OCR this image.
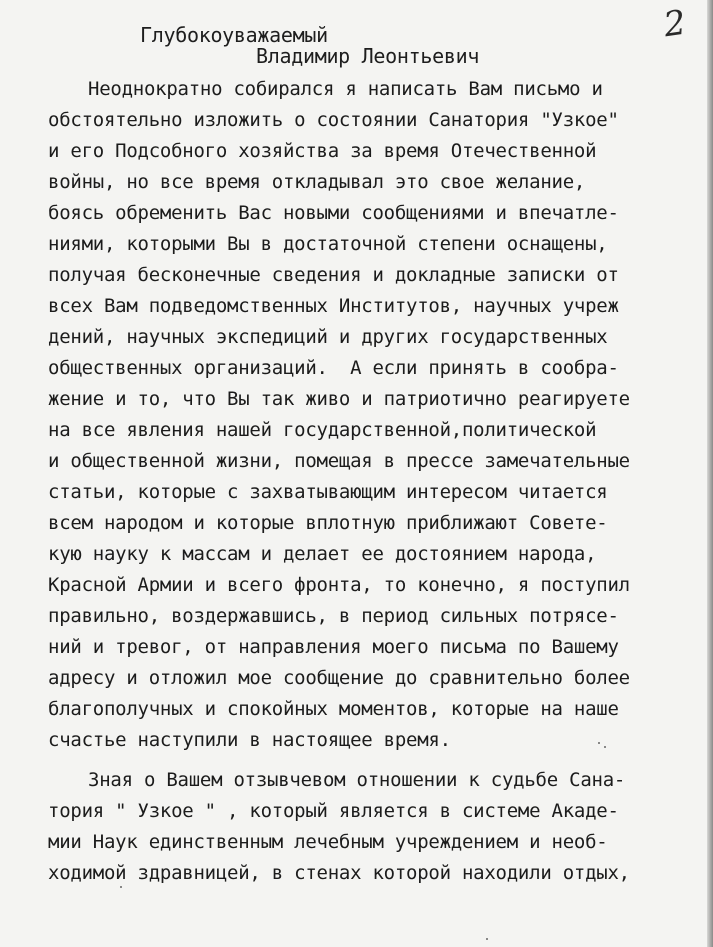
2
Глубокоуважаемый
Владимир Леонтьевич
Неоднократно собирался я написать Вам письмо и
обстоятельно изложить о состоянии Санатория "Узкое"
и его Подсобного хозяйства за время Отечественной
войны, но все время откладывал это свое желание,
боясь обременить Вас новыми сообщениями и впечатле-
ниями, которыми Вы в достаточной степени оснащены,
получая бесконечные сведения и докладные записки от
всех Вам подведомственных Институтов, научных учреж
дений, научных экспедиций и других государственных
общественных организаций.  А если принять в сообра-
жение и то, что Вы так живо и патриотично реагируете
на все явления нашей государственной,политической
и общественной жизни, помещая в прессе замечательные
статьи, которые с захватывающим интересом читается
всем народом и которые вплотную приближают Совете-
кую науку к массам и делает ее достоянием народа,
Красной Армии и всего фронта, то конечно, я поступил
правильно, воздержавшись, в период сильных потрясе-
ний и тревог, от направления моего письма по Вашему
адресу и отложил мое сообщение до сравнительно более
благополучных и спокойных моментов, которые на наше
счастье наступили в настоящее время.
Зная о Вашем отзывчевом отношении к судьбе Сана-
тория " Узкое " , который является в системе Акаде-
мии Наук единственным лечебным учреждением и необ-
ходимой здравницей, в стенах которой находили отдых,
